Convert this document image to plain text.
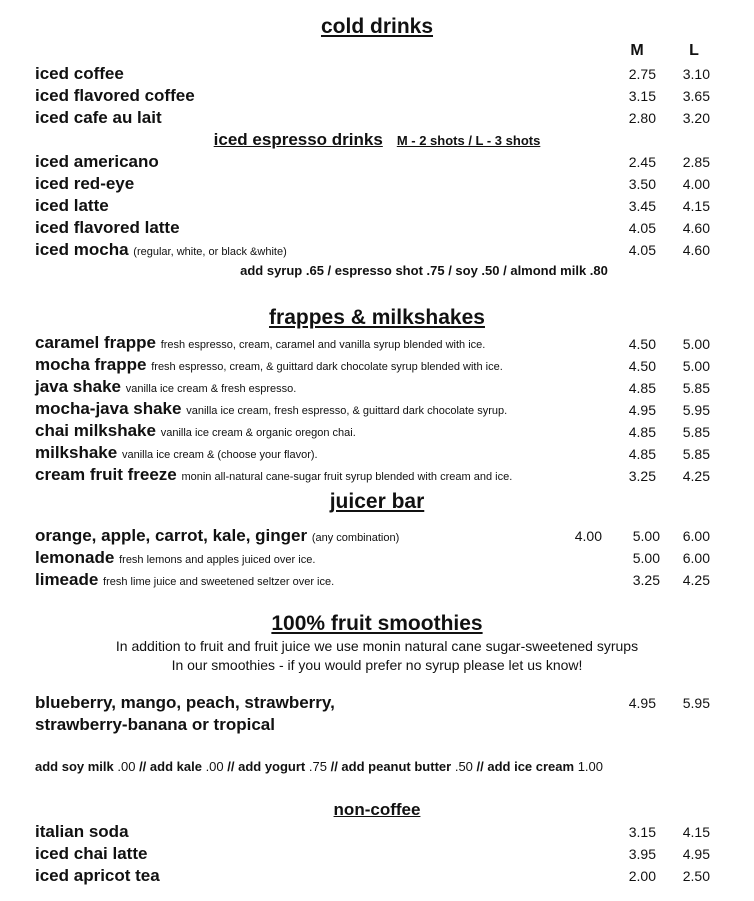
cold drinks
M	L
iced coffee	2.75	3.10
iced flavored coffee	3.15	3.65
iced cafe au lait	2.80	3.20
iced espresso drinks M - 2 shots / L - 3 shots
iced americano	2.45	2.85
iced red-eye	3.50	4.00
iced latte	3.45	4.15
iced flavored latte	4.05	4.60
iced mocha (regular, white, or black &white)	4.05	4.60
add syrup .65 / espresso shot .75 / soy .50 / almond milk .80
frappes & milkshakes
caramel frappe fresh espresso, cream, caramel and vanilla syrup blended with ice.	4.50	5.00
mocha frappe fresh espresso, cream, & guittard dark chocolate syrup blended with ice.	4.50	5.00
java shake vanilla ice cream & fresh espresso.	4.85	5.85
mocha-java shake vanilla ice cream, fresh espresso, & guittard dark chocolate syrup.	4.95	5.95
chai milkshake vanilla ice cream & organic oregon chai.	4.85	5.85
milkshake vanilla ice cream & (choose your flavor).	4.85	5.85
cream fruit freeze monin all-natural cane-sugar fruit syrup blended with cream and ice.	3.25	4.25
juicer bar
orange, apple, carrot, kale, ginger (any combination)	4.00	5.00	6.00
lemonade fresh lemons and apples juiced over ice.	5.00	6.00
limeade fresh lime juice and sweetened seltzer over ice.	3.25	4.25
100% fruit smoothies
In addition to fruit and fruit juice we use monin natural cane sugar-sweetened syrups
In our smoothies - if you would prefer no syrup please let us know!
blueberry, mango, peach, strawberry,
strawberry-banana or tropical
4.95	5.95
add soy milk .00 // add kale .00 // add yogurt .75 // add peanut butter .50 // add ice cream 1.00
non-coffee
italian soda	3.15	4.15
iced chai latte	3.95	4.95
iced apricot tea	2.00	2.50
